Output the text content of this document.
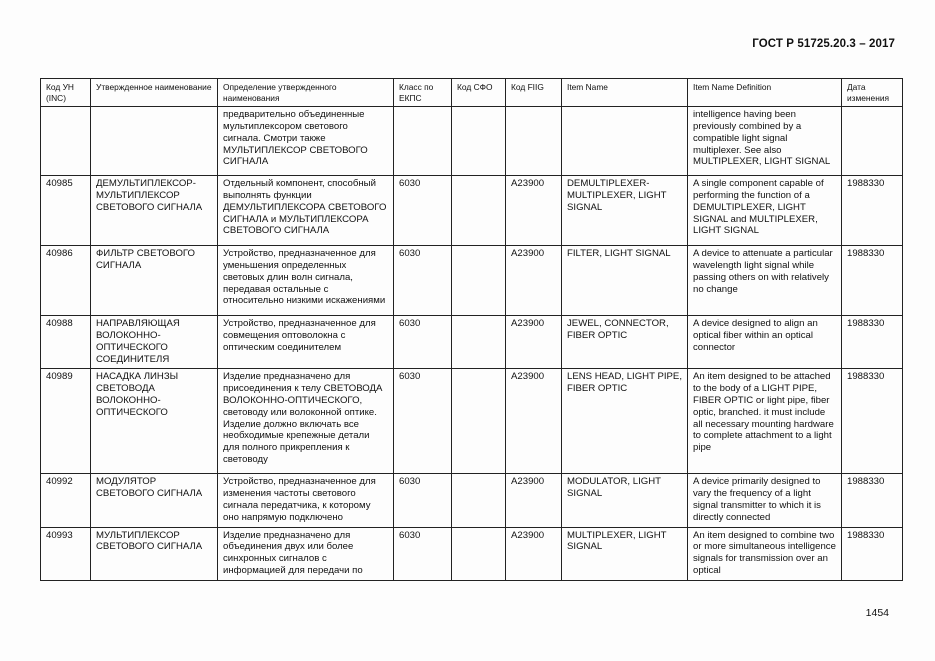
ГОСТ Р 51725.20.3 – 2017
Код УН (INC)	Утвержденное наименование	Определение утвержденного наименования	Класс по ЕКПС	Код СФО	Код FIIG	Item Name	Item Name Definition	Дата изменения
		предварительно объединенные мультиплексором светового сигнала. Смотри также МУЛЬТИПЛЕКСОР СВЕТОВОГО СИГНАЛА					intelligence having been previously combined by a compatible light signal multiplexer. See also MULTIPLEXER, LIGHT SIGNAL	
40985	ДЕМУЛЬТИПЛЕКСОР-МУЛЬТИПЛЕКСОР СВЕТОВОГО СИГНАЛА	Отдельный компонент, способный выполнять функции ДЕМУЛЬТИПЛЕКСОРА СВЕТОВОГО СИГНАЛА и МУЛЬТИПЛЕКСОРА СВЕТОВОГО СИГНАЛА	6030		A23900	DEMULTIPLEXER-MULTIPLEXER, LIGHT SIGNAL	A single component capable of performing the function of a DEMULTIPLEXER, LIGHT SIGNAL and MULTIPLEXER, LIGHT SIGNAL	1988330
40986	ФИЛЬТР СВЕТОВОГО СИГНАЛА	Устройство, предназначенное для уменьшения определенных световых длин волн сигнала, передавая остальные с относительно низкими искажениями	6030		A23900	FILTER, LIGHT SIGNAL	A device to attenuate a particular wavelength light signal while passing others on with relatively no change	1988330
40988	НАПРАВЛЯЮЩАЯ ВОЛОКОННО-ОПТИЧЕСКОГО СОЕДИНИТЕЛЯ	Устройство, предназначенное для совмещения оптоволокна с оптическим соединителем	6030		A23900	JEWEL, CONNECTOR, FIBER OPTIC	A device designed to align an optical fiber within an optical connector	1988330
40989	НАСАДКА ЛИНЗЫ СВЕТОВОДА ВОЛОКОННО-ОПТИЧЕСКОГО	Изделие предназначено для присоединения к телу СВЕТОВОДА ВОЛОКОННО-ОПТИЧЕСКОГО, световоду или волоконной оптике. Изделие должно включать все необходимые крепежные детали для полного прикрепления к световоду	6030		A23900	LENS HEAD, LIGHT PIPE, FIBER OPTIC	An item designed to be attached to the body of a LIGHT PIPE, FIBER OPTIC or light pipe, fiber optic, branched. it must include all necessary mounting hardware to complete attachment to a light pipe	1988330
40992	МОДУЛЯТОР СВЕТОВОГО СИГНАЛА	Устройство, предназначенное для изменения частоты светового сигнала передатчика, к которому оно напрямую подключено	6030		A23900	MODULATOR, LIGHT SIGNAL	A device primarily designed to vary the frequency of a light signal transmitter to which it is directly connected	1988330
40993	МУЛЬТИПЛЕКСОР СВЕТОВОГО СИГНАЛА	Изделие предназначено для объединения двух или более синхронных сигналов с информацией для передачи по	6030		A23900	MULTIPLEXER, LIGHT SIGNAL	An item designed to combine two or more simultaneous intelligence signals for transmission over an optical	1988330
1454
